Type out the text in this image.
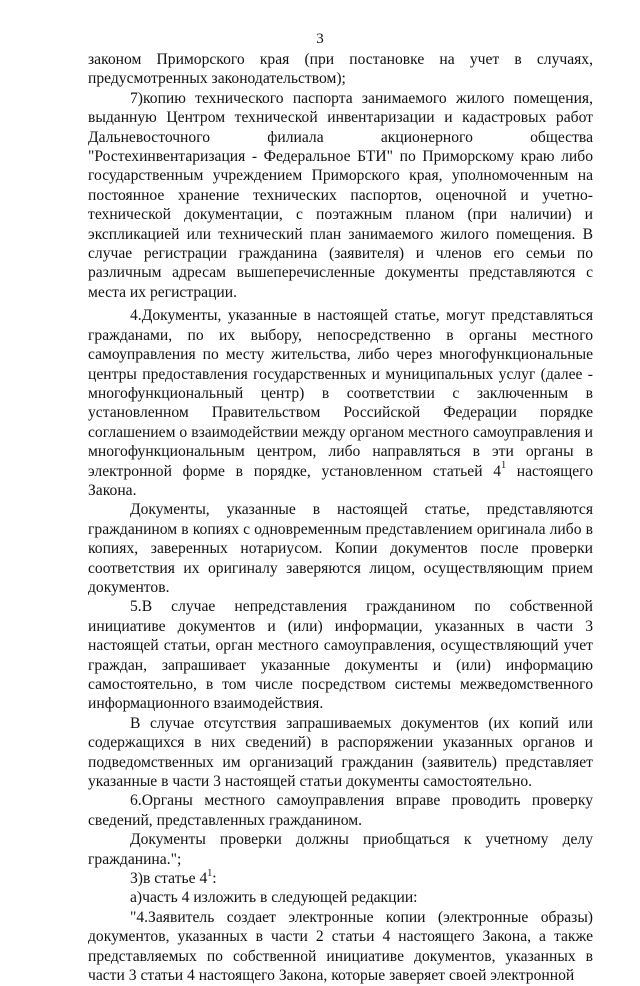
3

законом Приморского края (при постановке на учет в случаях, предусмотренных законодательством);

7)копию технического паспорта занимаемого жилого помещения, выданную Центром технической инвентаризации и кадастровых работ Дальневосточного филиала акционерного общества "Ростехинвентаризация - Федеральное БТИ" по Приморскому краю либо государственным учреждением Приморского края, уполномоченным на постоянное хранение технических паспортов, оценочной и учетно-технической документации, с поэтажным планом (при наличии) и экспликацией или технический план занимаемого жилого помещения. В случае регистрации гражданина (заявителя) и членов его семьи по различным адресам вышеперечисленные документы представляются с места их регистрации.

4.Документы, указанные в настоящей статье, могут представляться гражданами, по их выбору, непосредственно в органы местного самоуправления по месту жительства, либо через многофункциональные центры предоставления государственных и муниципальных услуг (далее - многофункциональный центр) в соответствии с заключенным в установленном Правительством Российской Федерации порядке соглашением о взаимодействии между органом местного самоуправления и многофункциональным центром, либо направляться в эти органы в электронной форме в порядке, установленном статьей $4^1$ настоящего Закона.

Документы, указанные в настоящей статье, представляются гражданином в копиях с одновременным представлением оригинала либо в копиях, заверенных нотариусом. Копии документов после проверки соответствия их оригиналу заверяются лицом, осуществляющим прием документов.

5.В случае непредставления гражданином по собственной инициативе документов и (или) информации, указанных в части 3 настоящей статьи, орган местного самоуправления, осуществляющий учет граждан, запрашивает указанные документы и (или) информацию самостоятельно, в том числе посредством системы межведомственного информационного взаимодействия.

В случае отсутствия запрашиваемых документов (их копий или содержащихся в них сведений) в распоряжении указанных органов и подведомственных им организаций гражданин (заявитель) представляет указанные в части 3 настоящей статьи документы самостоятельно.

6.Органы местного самоуправления вправе проводить проверку сведений, представленных гражданином.

Документы проверки должны приобщаться к учетному делу гражданина.";

3)в статье $4^1$:

а)часть 4 изложить в следующей редакции:

"4.Заявитель создает электронные копии (электронные образы) документов, указанных в части 2 статьи 4 настоящего Закона, а также представляемых по собственной инициативе документов, указанных в части 3 статьи 4 настоящего Закона, которые заверяет своей электронной
